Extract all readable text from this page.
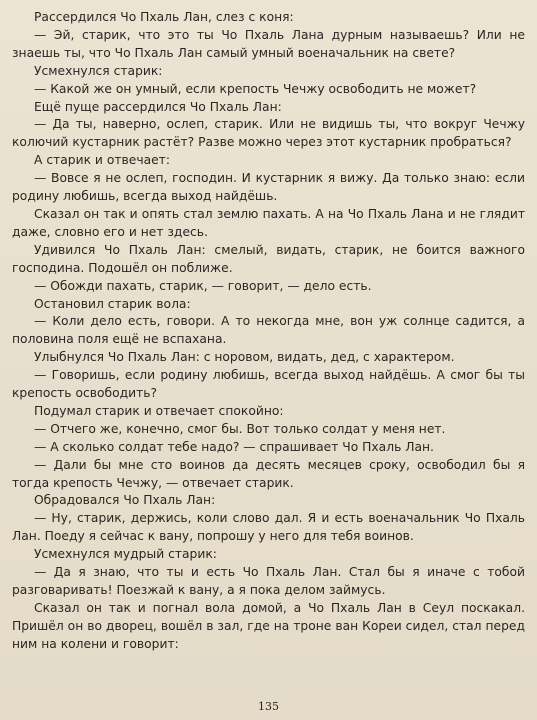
Рассердился Чо Пхаль Лан, слез с коня:

— Эй, старик, что это ты Чо Пхаль Лана дурным называешь? Или не знаешь ты, что Чо Пхаль Лан самый умный военачальник на свете?

Усмехнулся старик:

— Какой же он умный, если крепость Чечжу освободить не может?

Ещё пуще рассердился Чо Пхаль Лан:

— Да ты, наверно, ослеп, старик. Или не видишь ты, что вокруг Чечжу колючий кустарник растёт? Разве можно через этот кустарник пробраться?

А старик и отвечает:

— Вовсе я не ослеп, господин. И кустарник я вижу. Да только знаю: если родину любишь, всегда выход найдёшь.

Сказал он так и опять стал землю пахать. А на Чо Пхаль Лана и не глядит даже, словно его и нет здесь.

Удивился Чо Пхаль Лан: смелый, видать, старик, не боится важного господина. Подошёл он поближе.

— Обожди пахать, старик, — говорит, — дело есть.

Остановил старик вола:

— Коли дело есть, говори. А то некогда мне, вон уж солнце садится, а половина поля ещё не вспахана.

Улыбнулся Чо Пхаль Лан: с норовом, видать, дед, с характером.

— Говоришь, если родину любишь, всегда выход найдёшь. А смог бы ты крепость освободить?

Подумал старик и отвечает спокойно:

— Отчего же, конечно, смог бы. Вот только солдат у меня нет.

— А сколько солдат тебе надо? — спрашивает Чо Пхаль Лан.

— Дали бы мне сто воинов да десять месяцев сроку, освободил бы я тогда крепость Чечжу, — отвечает старик.

Обрадовался Чо Пхаль Лан:

— Ну, старик, держись, коли слово дал. Я и есть военачальник Чо Пхаль Лан. Поеду я сейчас к вану, попрошу у него для тебя воинов.

Усмехнулся мудрый старик:

— Да я знаю, что ты и есть Чо Пхаль Лан. Стал бы я иначе с тобой разговаривать! Поезжай к вану, а я пока делом займусь.

Сказал он так и погнал вола домой, а Чо Пхаль Лан в Сеул поскакал. Пришёл он во дворец, вошёл в зал, где на троне ван Кореи сидел, стал перед ним на колени и говорит:

135
